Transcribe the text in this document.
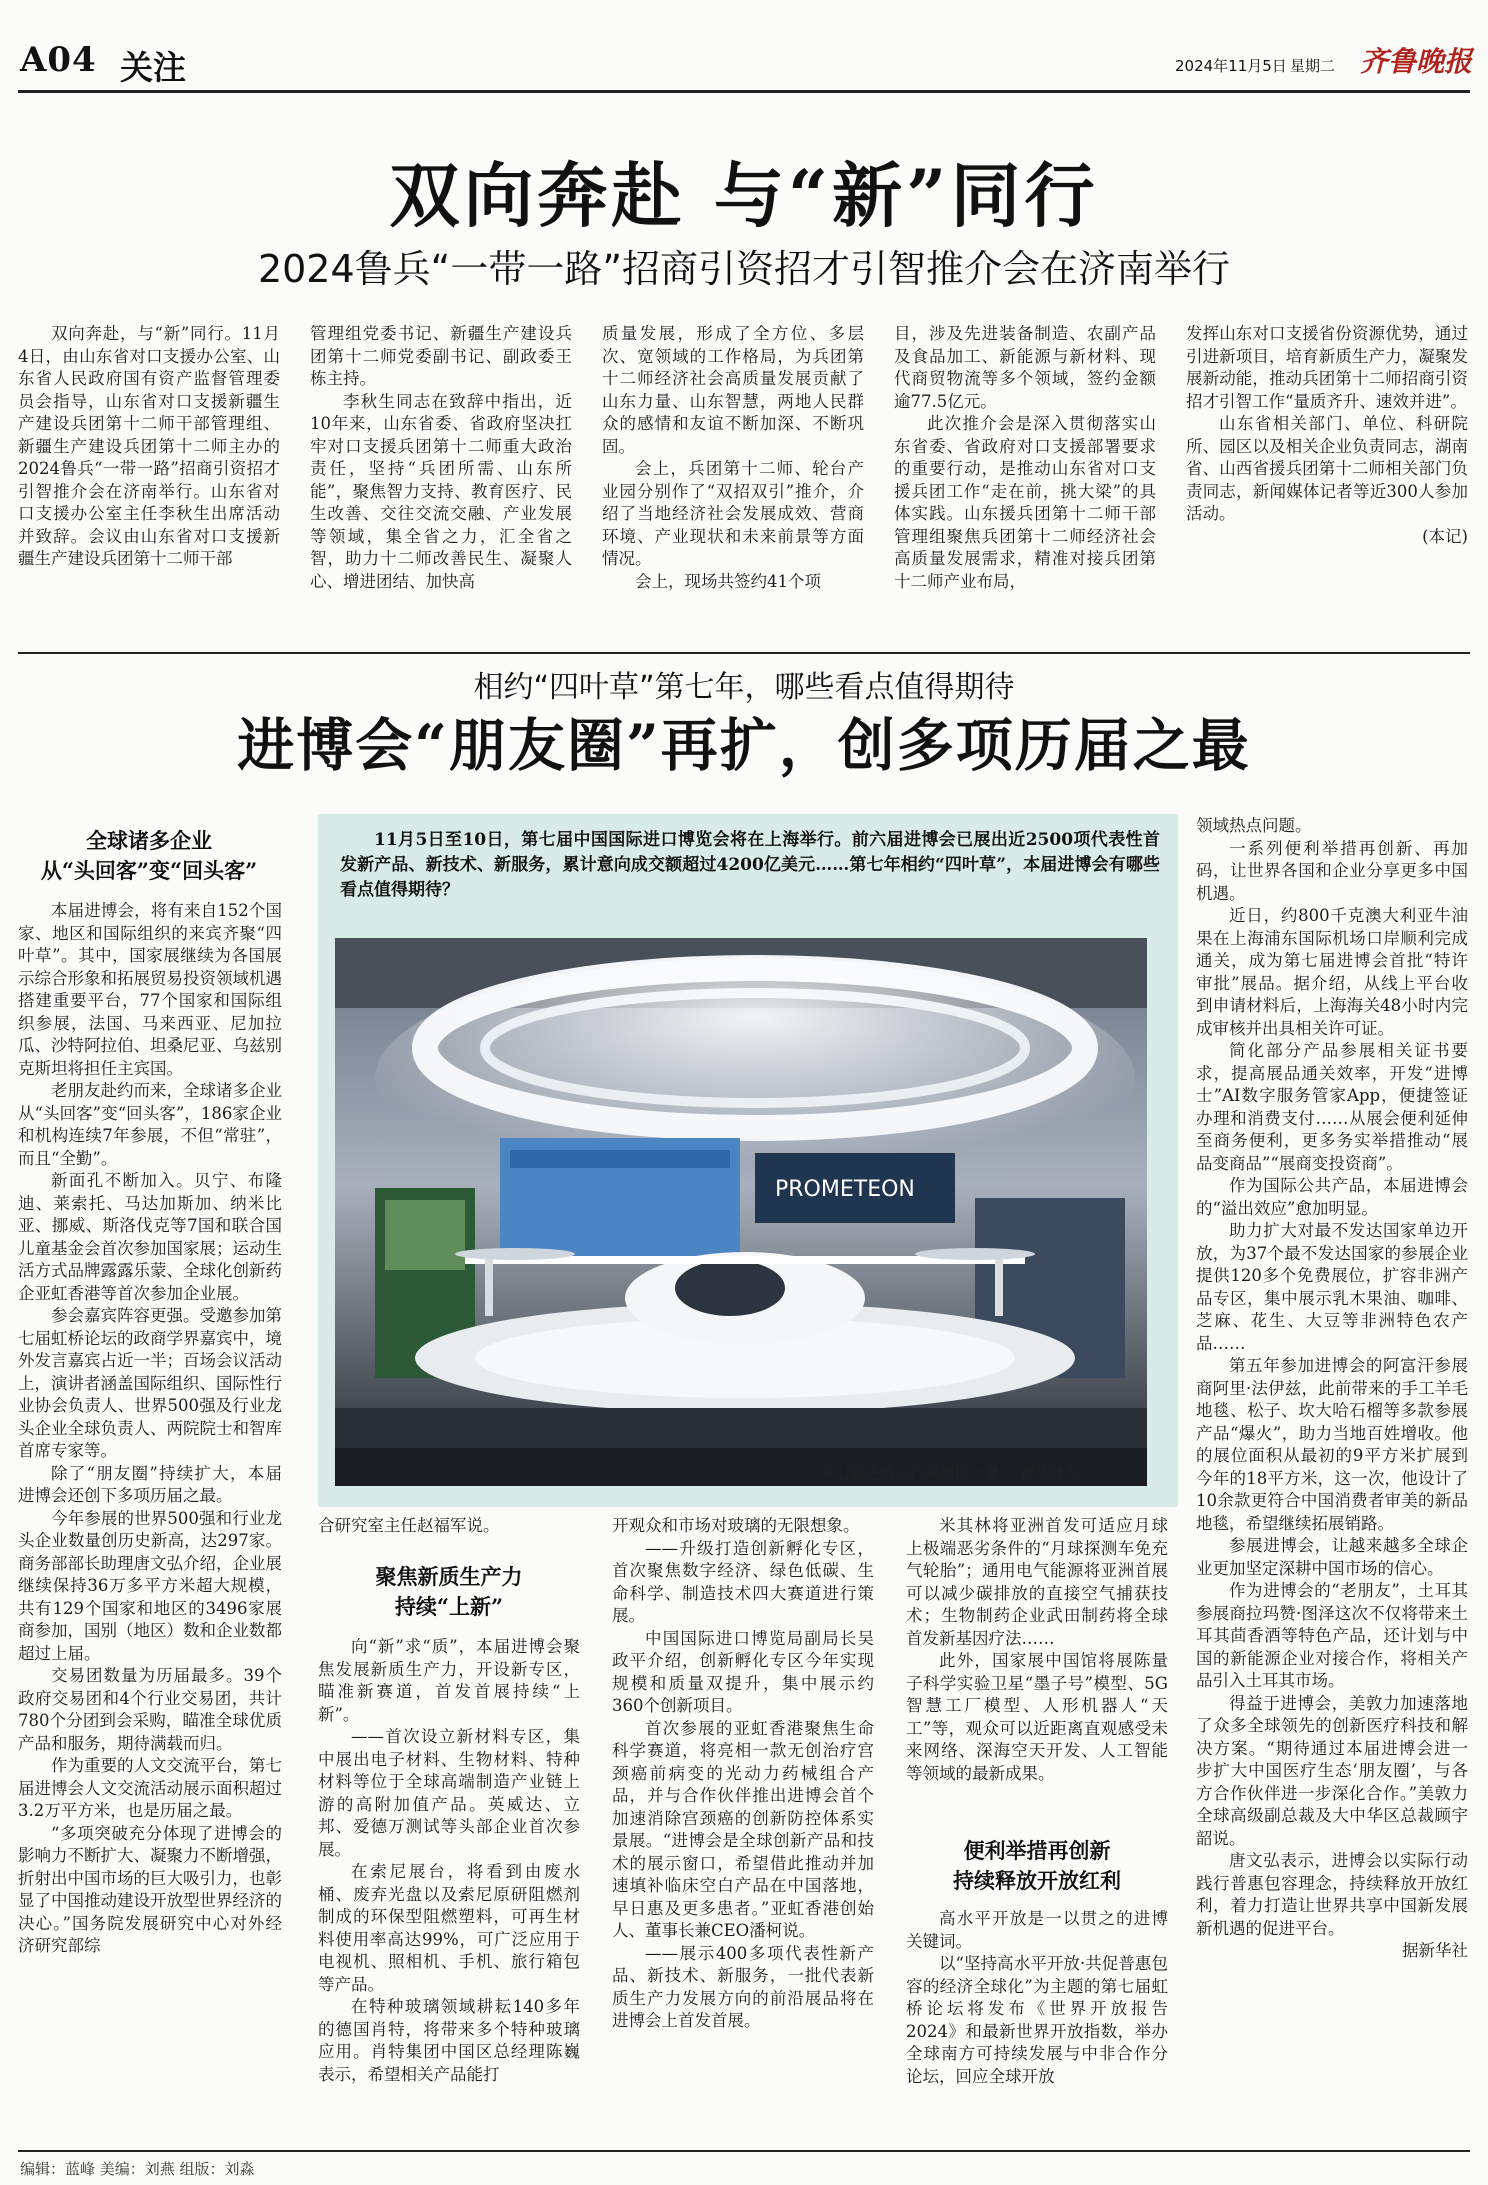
A04 关注	2024年11月5日 星期二 齐鲁晚报
双向奔赴 与“新”同行
2024鲁兵“一带一路”招商引资招才引智推介会在济南举行

双向奔赴，与“新”同行。11月4日，由山东省对口支援办公室、山东省人民政府国有资产监督管理委员会指导，山东省对口支援新疆生产建设兵团第十二师干部管理组、新疆生产建设兵团第十二师主办的2024鲁兵“一带一路”招商引资招才引智推介会在济南举行。山东省对口支援办公室主任李秋生出席活动并致辞。会议由山东省对口支援新疆生产建设兵团第十二师干部

管理组党委书记、新疆生产建设兵团第十二师党委副书记、副政委王栋主持。

李秋生同志在致辞中指出，近10年来，山东省委、省政府坚决扛牢对口支援兵团第十二师重大政治责任，坚持“兵团所需、山东所能”，聚焦智力支持、教育医疗、民生改善、交往交流交融、产业发展等领域，集全省之力，汇全省之智，助力十二师改善民生、凝聚人心、增进团结、加快高

质量发展，形成了全方位、多层次、宽领域的工作格局，为兵团第十二师经济社会高质量发展贡献了山东力量、山东智慧，两地人民群众的感情和友谊不断加深、不断巩固。

会上，兵团第十二师、轮台产业园分别作了“双招双引”推介，介绍了当地经济社会发展成效、营商环境、产业现状和未来前景等方面情况。

会上，现场共签约41个项

目，涉及先进装备制造、农副产品及食品加工、新能源与新材料、现代商贸物流等多个领域，签约金额逾77.5亿元。

此次推介会是深入贯彻落实山东省委、省政府对口支援部署要求的重要行动，是推动山东省对口支援兵团工作“走在前，挑大梁”的具体实践。山东援兵团第十二师干部管理组聚焦兵团第十二师经济社会高质量发展需求，精准对接兵团第十二师产业布局，

发挥山东对口支援省份资源优势，通过引进新项目，培育新质生产力，凝聚发展新动能，推动兵团第十二师招商引资招才引智工作“量质齐升、速效并进”。

山东省相关部门、单位、科研院所、园区以及相关企业负责同志，湖南省、山西省援兵团第十二师相关部门负责同志，新闻媒体记者等近300人参加活动。

(本记)

相约“四叶草”第七年，哪些看点值得期待
进博会“朋友圈”再扩，创多项历届之最
全球诸多企业
从“头回客”变“回头客”

本届进博会，将有来自152个国家、地区和国际组织的来宾齐聚“四叶草”。其中，国家展继续为各国展示综合形象和拓展贸易投资领域机遇搭建重要平台，77个国家和国际组织参展，法国、马来西亚、尼加拉瓜、沙特阿拉伯、坦桑尼亚、乌兹别克斯坦将担任主宾国。

老朋友赴约而来，全球诸多企业从“头回客”变“回头客”，186家企业和机构连续7年参展，不但“常驻”，而且“全勤”。

新面孔不断加入。贝宁、布隆迪、莱索托、马达加斯加、纳米比亚、挪威、斯洛伐克等7国和联合国儿童基金会首次参加国家展；运动生活方式品牌露露乐蒙、全球化创新药企亚虹香港等首次参加企业展。

参会嘉宾阵容更强。受邀参加第七届虹桥论坛的政商学界嘉宾中，境外发言嘉宾占近一半；百场会议活动上，演讲者涵盖国际组织、国际性行业协会负责人、世界500强及行业龙头企业全球负责人、两院院士和智库首席专家等。

除了“朋友圈”持续扩大，本届进博会还创下多项历届之最。

今年参展的世界500强和行业龙头企业数量创历史新高，达297家。商务部部长助理唐文弘介绍，企业展继续保持36万多平方米超大规模，共有129个国家和地区的3496家展商参加，国别（地区）数和企业数都超过上届。

交易团数量为历届最多。39个政府交易团和4个行业交易团，共计780个分团到会采购，瞄准全球优质产品和服务，期待满载而归。

作为重要的人文交流平台，第七届进博会人文交流活动展示面积超过3.2万平方米，也是历届之最。

“多项突破充分体现了进博会的影响力不断扩大、凝聚力不断增强，折射出中国市场的巨大吸引力，也彰显了中国推动建设开放型世界经济的决心。”国务院发展研究中心对外经济研究部综

11月5日至10日，第七届中国国际进口博览会将在上海举行。前六届进博会已展出近2500项代表性首发新产品、新技术、新服务，累计意向成交额超过4200亿美元……第七年相约“四叶草”，本届进博会有哪些看点值得期待？
PROMETEON
第七届进博会汽车展区一景。 新华社发

合研究室主任赵福军说。

聚焦新质生产力
持续“上新”

向“新”求“质”，本届进博会聚焦发展新质生产力，开设新专区，瞄准新赛道，首发首展持续“上新”。

——首次设立新材料专区，集中展出电子材料、生物材料、特种材料等位于全球高端制造产业链上游的高附加值产品。英威达、立邦、爱德万测试等头部企业首次参展。

在索尼展台，将看到由废水桶、废弃光盘以及索尼原研阻燃剂制成的环保型阻燃塑料，可再生材料使用率高达99%，可广泛应用于电视机、照相机、手机、旅行箱包等产品。

在特种玻璃领域耕耘140多年的德国肖特，将带来多个特种玻璃应用。肖特集团中国区总经理陈巍表示，希望相关产品能打

开观众和市场对玻璃的无限想象。

——升级打造创新孵化专区，首次聚焦数字经济、绿色低碳、生命科学、制造技术四大赛道进行策展。

中国国际进口博览局副局长吴政平介绍，创新孵化专区今年实现规模和质量双提升，集中展示约360个创新项目。

首次参展的亚虹香港聚焦生命科学赛道，将亮相一款无创治疗宫颈癌前病变的光动力药械组合产品，并与合作伙伴推出进博会首个加速消除宫颈癌的创新防控体系实景展。“进博会是全球创新产品和技术的展示窗口，希望借此推动并加速填补临床空白产品在中国落地，早日惠及更多患者。”亚虹香港创始人、董事长兼CEO潘柯说。

——展示400多项代表性新产品、新技术、新服务，一批代表新质生产力发展方向的前沿展品将在进博会上首发首展。

米其林将亚洲首发可适应月球上极端恶劣条件的“月球探测车免充气轮胎”；通用电气能源将亚洲首展可以减少碳排放的直接空气捕获技术；生物制药企业武田制药将全球首发新基因疗法……

此外，国家展中国馆将展陈量子科学实验卫星“墨子号”模型、5G智慧工厂模型、人形机器人“天工”等，观众可以近距离直观感受未来网络、深海空天开发、人工智能等领域的最新成果。

便利举措再创新
持续释放开放红利

高水平开放是一以贯之的进博关键词。

以“坚持高水平开放·共促普惠包容的经济全球化”为主题的第七届虹桥论坛将发布《世界开放报告2024》和最新世界开放指数，举办全球南方可持续发展与中非合作分论坛，回应全球开放

领域热点问题。

一系列便利举措再创新、再加码，让世界各国和企业分享更多中国机遇。

近日，约800千克澳大利亚牛油果在上海浦东国际机场口岸顺利完成通关，成为第七届进博会首批“特许审批”展品。据介绍，从线上平台收到申请材料后，上海海关48小时内完成审核并出具相关许可证。

简化部分产品参展相关证书要求，提高展品通关效率，开发“进博士”AI数字服务管家App，便捷签证办理和消费支付……从展会便利延伸至商务便利，更多务实举措推动“展品变商品”“展商变投资商”。

作为国际公共产品，本届进博会的“溢出效应”愈加明显。

助力扩大对最不发达国家单边开放，为37个最不发达国家的参展企业提供120多个免费展位，扩容非洲产品专区，集中展示乳木果油、咖啡、芝麻、花生、大豆等非洲特色农产品……

第五年参加进博会的阿富汗参展商阿里·法伊兹，此前带来的手工羊毛地毯、松子、坎大哈石榴等多款参展产品“爆火”，助力当地百姓增收。他的展位面积从最初的9平方米扩展到今年的18平方米，这一次，他设计了10余款更符合中国消费者审美的新品地毯，希望继续拓展销路。

参展进博会，让越来越多全球企业更加坚定深耕中国市场的信心。

作为进博会的“老朋友”，土耳其参展商拉玛赞·图泽这次不仅将带来土耳其茴香酒等特色产品，还计划与中国的新能源企业对接合作，将相关产品引入土耳其市场。

得益于进博会，美敦力加速落地了众多全球领先的创新医疗科技和解决方案。“期待通过本届进博会进一步扩大中国医疗生态‘朋友圈’，与各方合作伙伴进一步深化合作。”美敦力全球高级副总裁及大中华区总裁顾宇韶说。

唐文弘表示，进博会以实际行动践行普惠包容理念，持续释放开放红利，着力打造让世界共享中国新发展新机遇的促进平台。

据新华社

编辑：蓝峰 美编：刘燕 组版：刘淼
